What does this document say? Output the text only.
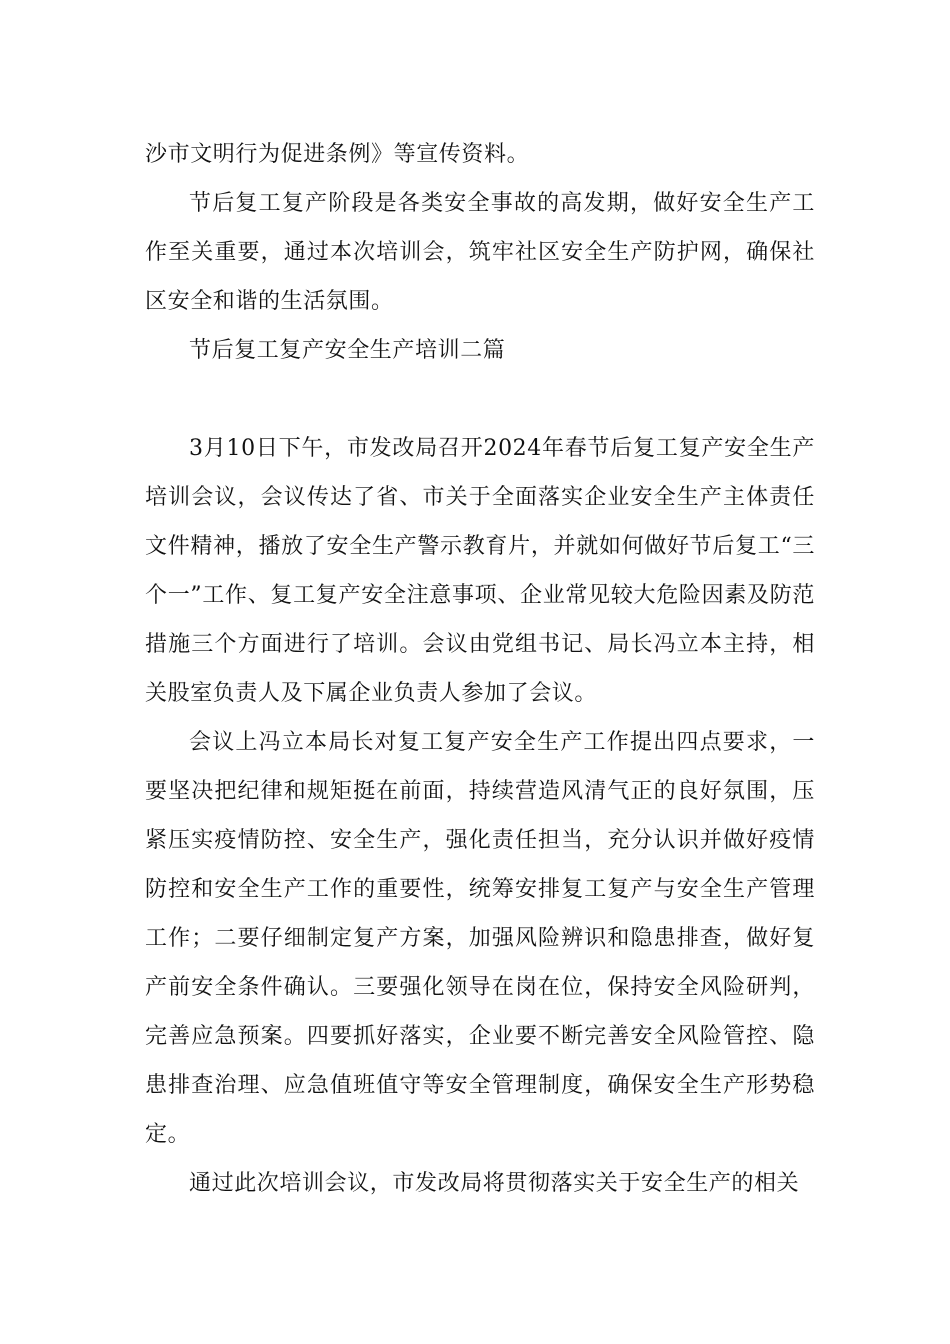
沙市文明行为促进条例》等宣传资料。

节后复工复产阶段是各类安全事故的高发期，做好安全生产工作至关重要，通过本次培训会，筑牢社区安全生产防护网，确保社区安全和谐的生活氛围。

节后复工复产安全生产培训二篇

3月10日下午，市发改局召开2024年春节后复工复产安全生产培训会议，会议传达了省、市关于全面落实企业安全生产主体责任文件精神，播放了安全生产警示教育片，并就如何做好节后复工“三个一”工作、复工复产安全注意事项、企业常见较大危险因素及防范措施三个方面进行了培训。会议由党组书记、局长冯立本主持，相关股室负责人及下属企业负责人参加了会议。

会议上冯立本局长对复工复产安全生产工作提出四点要求，一要坚决把纪律和规矩挺在前面，持续营造风清气正的良好氛围，压紧压实疫情防控、安全生产，强化责任担当，充分认识并做好疫情防控和安全生产工作的重要性，统筹安排复工复产与安全生产管理工作；二要仔细制定复产方案，加强风险辨识和隐患排查，做好复产前安全条件确认。三要强化领导在岗在位，保持安全风险研判，完善应急预案。四要抓好落实，企业要不断完善安全风险管控、隐患排查治理、应急值班值守等安全管理制度，确保安全生产形势稳定。

通过此次培训会议，市发改局将贯彻落实关于安全生产的相关
